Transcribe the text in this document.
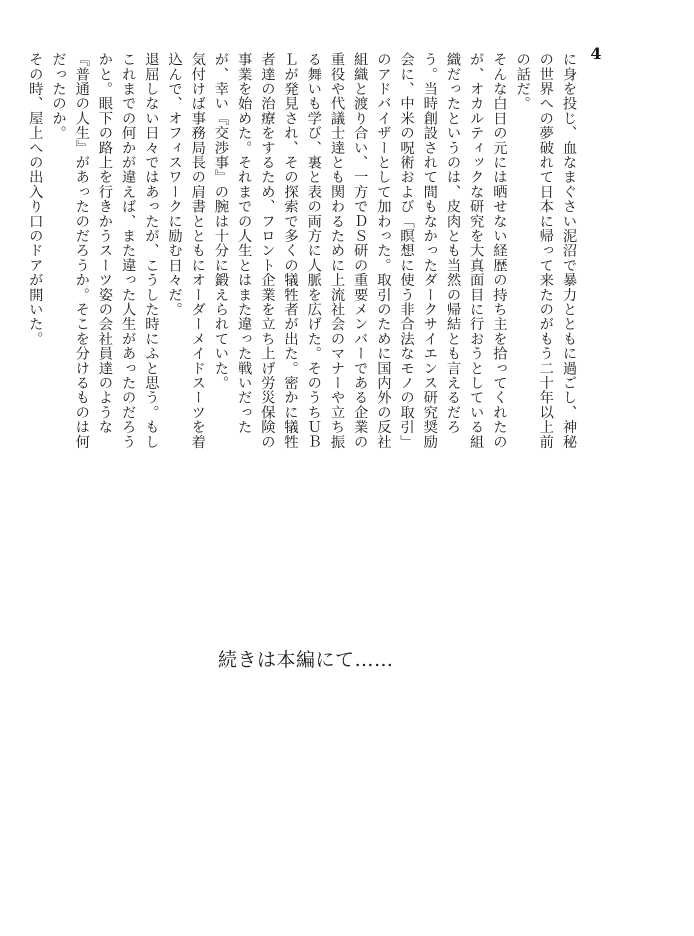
4

に身を投じ、血なまぐさい泥沼で暴力とともに過ごし、神秘の世界への夢破れて日本に帰って来たのがもう二十年以上前の話だ。

そんな白日の元には晒せない経歴の持ち主を拾ってくれたのが、オカルティックな研究を大真面目に行おうとしている組織だったというのは、皮肉とも当然の帰結とも言えるだろう。当時創設されて間もなかったダークサイエンス研究奨励会に、中米の呪術および「瞑想に使う非合法なモノの取引」のアドバイザーとして加わった。取引のために国内外の反社組織と渡り合い、一方でＤＳ研の重要メンバーである企業の重役や代議士達とも関わるために上流社会のマナーや立ち振る舞いも学び、裏と表の両方に人脈を広げた。そのうちＵＢＬが発見され、その探索で多くの犠牲者が出た。密かに犠牲者達の治療をするため、フロント企業を立ち上げ労災保険の事業を始めた。それまでの人生とはまた違った戦いだったが、幸い『交渉事』の腕は十分に鍛えられていた。

気付けば事務局長の肩書とともにオーダーメイドスーツを着込んで、オフィスワークに励む日々だ。

退屈しない日々ではあったが、こうした時にふと思う。もしこれまでの何かが違えば、また違った人生があったのだろうかと。眼下の路上を行きかうスーツ姿の会社員達のような『普通の人生』があったのだろうか。そこを分けるものは何だったのか。

その時、屋上への出入り口のドアが開いた。

続きは本編にて……
